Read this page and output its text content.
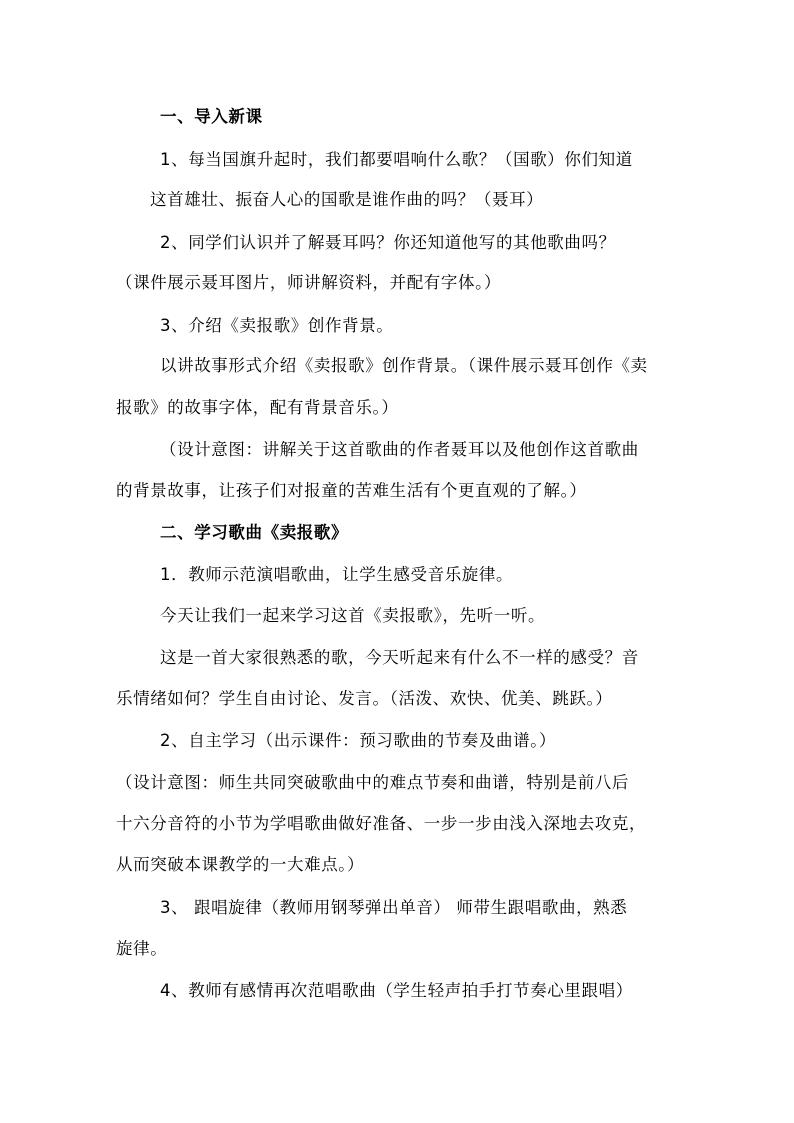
一、导入新课
1、每当国旗升起时，我们都要唱响什么歌？（国歌）你们知道
这首雄壮、振奋人心的国歌是谁作曲的吗？（聂耳）
2、同学们认识并了解聂耳吗？你还知道他写的其他歌曲吗？
（课件展示聂耳图片，师讲解资料，并配有字体。）
3、介绍《卖报歌》创作背景。
以讲故事形式介绍《卖报歌》创作背景。（课件展示聂耳创作《卖
报歌》的故事字体，配有背景音乐。）
（设计意图：讲解关于这首歌曲的作者聂耳以及他创作这首歌曲
的背景故事，让孩子们对报童的苦难生活有个更直观的了解。）
二、学习歌曲《卖报歌》
1．教师示范演唱歌曲，让学生感受音乐旋律。
今天让我们一起来学习这首《卖报歌》，先听一听。
这是一首大家很熟悉的歌，今天听起来有什么不一样的感受？音
乐情绪如何？学生自由讨论、发言。（活泼、欢快、优美、跳跃。）
2、自主学习（出示课件：预习歌曲的节奏及曲谱。）
（设计意图：师生共同突破歌曲中的难点节奏和曲谱，特别是前八后
十六分音符的小节为学唱歌曲做好准备、一步一步由浅入深地去攻克，
从而突破本课教学的一大难点。）
3、 跟唱旋律（教师用钢琴弹出单音） 师带生跟唱歌曲，熟悉
旋律。
4、教师有感情再次范唱歌曲（学生轻声拍手打节奏心里跟唱）
